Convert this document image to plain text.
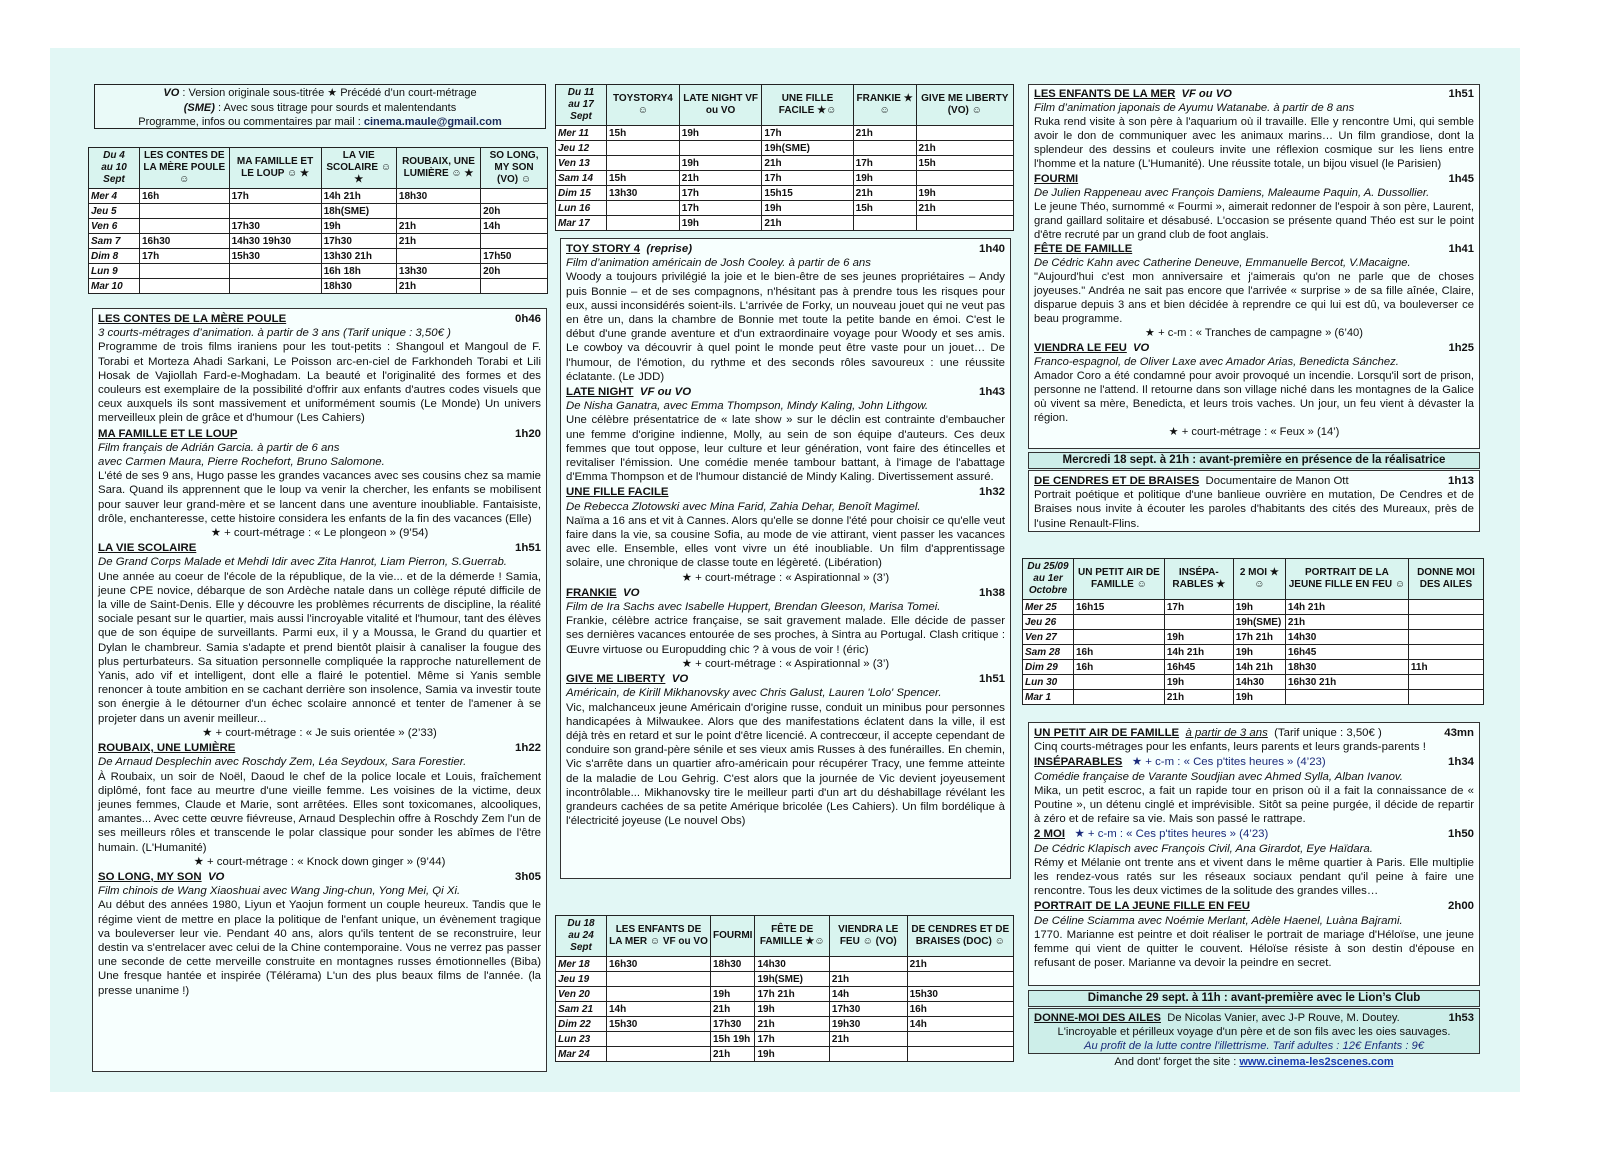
VO : Version originale sous-titrée ★ Précédé d’un court-métrage
(SME) : Avec sous titrage pour sourds et malentendants
Programme, infos ou commentaires par mail : cinema.maule@gmail.com
Du 4
au 10
Sept	LES CONTES DE LA MÈRE POULE ☺	MA FAMILLE ET LE LOUP ☺ ★	LA VIE SCOLAIRE ☺ ★	ROUBAIX, UNE LUMIÈRE ☺ ★	SO LONG, MY SON (VO) ☺
Mer 4	16h	17h	14h 21h	18h30	
Jeu 5			18h(SME)		20h
Ven 6		17h30	19h	21h	14h
Sam 7	16h30	14h30 19h30	17h30	21h	
Dim 8	17h	15h30	13h30 21h		17h50
Lun 9			16h 18h	13h30	20h
Mar 10			18h30	21h	
Du 11
au 17
Sept	TOYSTORY4 ☺	LATE NIGHT VF ou VO	UNE FILLE FACILE ★☺	FRANKIE ★☺	GIVE ME LIBERTY (VO) ☺
Mer 11	15h	19h	17h	21h	
Jeu 12			19h(SME)		21h
Ven 13		19h	21h	17h	15h
Sam 14	15h	21h	17h	19h	
Dim 15	13h30	17h	15h15	21h	19h
Lun 16		17h	19h	15h	21h
Mar 17		19h	21h		
Du 18
au 24
Sept	LES ENFANTS DE LA MER ☺ VF ou VO	FOURMI	FÊTE DE FAMILLE ★☺	VIENDRA LE FEU ☺ (VO)	DE CENDRES ET DE BRAISES (DOC) ☺
Mer 18	16h30	18h30	14h30		21h
Jeu 19			19h(SME)	21h	
Ven 20		19h	17h 21h	14h	15h30
Sam 21	14h	21h	19h	17h30	16h
Dim 22	15h30	17h30	21h	19h30	14h
Lun 23		15h 19h	17h	21h	
Mar 24		21h	19h		
Du 25/09
au 1er
Octobre	UN PETIT AIR DE FAMILLE ☺	INSÉPA-RABLES ★	2 MOI ★☺	PORTRAIT DE LA JEUNE FILLE EN FEU ☺	DONNE MOI DES AILES
Mer 25	16h15	17h	19h	14h 21h	
Jeu 26			19h(SME)	21h	
Ven 27		19h	17h 21h	14h30	
Sam 28	16h	14h 21h	19h	16h45	
Dim 29	16h	16h45	14h 21h	18h30	11h
Lun 30		19h	14h30	16h30 21h	
Mar 1		21h	19h		
LES CONTES DE LA MÈRE POULE	0h46
3 courts-métrages d’animation. à partir de 3 ans (Tarif unique : 3,50€ )
Programme de trois films iraniens pour les tout-petits : Shangoul et Mangoul de F. Torabi et Morteza Ahadi Sarkani, Le Poisson arc-en-ciel de Farkhondeh Torabi et Lili Hosak de Vajiollah Fard-e-Moghadam. La beauté et l'originalité des formes et des couleurs est exemplaire de la possibilité d'offrir aux enfants d'autres codes visuels que ceux auxquels ils sont massivement et uniformément soumis (Le Monde) Un univers merveilleux plein de grâce et d'humour (Les Cahiers)
MA FAMILLE ET LE LOUP	1h20
Film français de Adrián Garcia. à partir de 6 ans
avec Carmen Maura, Pierre Rochefort, Bruno Salomone.
L'été de ses 9 ans, Hugo passe les grandes vacances avec ses cousins chez sa mamie Sara. Quand ils apprennent que le loup va venir la chercher, les enfants se mobilisent pour sauver leur grand-mère et se lancent dans une aventure inoubliable. Fantaisiste, drôle, enchanteresse, cette histoire considera les enfants de la fin des vacances (Elle)
★ + court-métrage : « Le plongeon » (9’54)
LA VIE SCOLAIRE	1h51
De Grand Corps Malade et Mehdi Idir avec Zita Hanrot, Liam Pierron, S.Guerrab.
Une année au coeur de l'école de la république, de la vie... et de la démerde ! Samia, jeune CPE novice, débarque de son Ardèche natale dans un collège réputé difficile de la ville de Saint-Denis. Elle y découvre les problèmes récurrents de discipline, la réalité sociale pesant sur le quartier, mais aussi l'incroyable vitalité et l'humour, tant des élèves que de son équipe de surveillants. Parmi eux, il y a Moussa, le Grand du quartier et Dylan le chambreur. Samia s'adapte et prend bientôt plaisir à canaliser la fougue des plus perturbateurs. Sa situation personnelle compliquée la rapproche naturellement de Yanis, ado vif et intelligent, dont elle a flairé le potentiel. Même si Yanis semble renoncer à toute ambition en se cachant derrière son insolence, Samia va investir toute son énergie à le détourner d'un échec scolaire annoncé et tenter de l'amener à se projeter dans un avenir meilleur...
★ + court-métrage : « Je suis orientée » (2’33)
ROUBAIX, UNE LUMIÈRE	1h22
De Arnaud Desplechin avec Roschdy Zem, Léa Seydoux, Sara Forestier.
À Roubaix, un soir de Noël, Daoud le chef de la police locale et Louis, fraîchement diplômé, font face au meurtre d'une vieille femme. Les voisines de la victime, deux jeunes femmes, Claude et Marie, sont arrêtées. Elles sont toxicomanes, alcooliques, amantes... Avec cette œuvre fiévreuse, Arnaud Desplechin offre à Roschdy Zem l'un de ses meilleurs rôles et transcende le polar classique pour sonder les abîmes de l'être humain. (L'Humanité)
★ + court-métrage : « Knock down ginger » (9’44)
SO LONG, MY SON VO	3h05
Film chinois de Wang Xiaoshuai avec Wang Jing-chun, Yong Mei, Qi Xi.
Au début des années 1980, Liyun et Yaojun forment un couple heureux. Tandis que le régime vient de mettre en place la politique de l'enfant unique, un évènement tragique va bouleverser leur vie. Pendant 40 ans, alors qu'ils tentent de se reconstruire, leur destin va s'entrelacer avec celui de la Chine contemporaine. Vous ne verrez pas passer une seconde de cette merveille construite en montagnes russes émotionnelles (Biba) Une fresque hantée et inspirée (Télérama) L'un des plus beaux films de l'année. (la presse unanime !)
TOY STORY 4 (reprise)	1h40
Film d’animation américain de Josh Cooley. à partir de 6 ans
Woody a toujours privilégié la joie et le bien-être de ses jeunes propriétaires – Andy puis Bonnie – et de ses compagnons, n'hésitant pas à prendre tous les risques pour eux, aussi inconsidérés soient-ils. L'arrivée de Forky, un nouveau jouet qui ne veut pas en être un, dans la chambre de Bonnie met toute la petite bande en émoi. C'est le début d'une grande aventure et d'un extraordinaire voyage pour Woody et ses amis. Le cowboy va découvrir à quel point le monde peut être vaste pour un jouet… De l'humour, de l'émotion, du rythme et des seconds rôles savoureux : une réussite éclatante. (Le JDD)
LATE NIGHT VF ou VO	1h43
De Nisha Ganatra, avec Emma Thompson, Mindy Kaling, John Lithgow.
Une célèbre présentatrice de « late show » sur le déclin est contrainte d'embaucher une femme d'origine indienne, Molly, au sein de son équipe d'auteurs. Ces deux femmes que tout oppose, leur culture et leur génération, vont faire des étincelles et revitaliser l'émission. Une comédie menée tambour battant, à l'image de l'abattage d'Emma Thompson et de l'humour distancié de Mindy Kaling. Divertissement assuré.
UNE FILLE FACILE	1h32
De Rebecca Zlotowski avec Mina Farid, Zahia Dehar, Benoît Magimel.
Naïma a 16 ans et vit à Cannes. Alors qu'elle se donne l'été pour choisir ce qu'elle veut faire dans la vie, sa cousine Sofia, au mode de vie attirant, vient passer les vacances avec elle. Ensemble, elles vont vivre un été inoubliable. Un film d'apprentissage solaire, une chronique de classe toute en légèreté. (Libération)
★ + court-métrage : « Aspirationnal » (3’)
FRANKIE VO	1h38
Film de Ira Sachs avec Isabelle Huppert, Brendan Gleeson, Marisa Tomei.
Frankie, célèbre actrice française, se sait gravement malade. Elle décide de passer ses dernières vacances entourée de ses proches, à Sintra au Portugal. Clash critique : Œuvre virtuose ou Europudding chic ? à vous de voir ! (éric)
★ + court-métrage : « Aspirationnal » (3’)
GIVE ME LIBERTY VO	1h51
Américain, de Kirill Mikhanovsky avec Chris Galust, Lauren 'Lolo' Spencer.
Vic, malchanceux jeune Américain d'origine russe, conduit un minibus pour personnes handicapées à Milwaukee. Alors que des manifestations éclatent dans la ville, il est déjà très en retard et sur le point d'être licencié. A contrecœur, il accepte cependant de conduire son grand-père sénile et ses vieux amis Russes à des funérailles. En chemin, Vic s'arrête dans un quartier afro-américain pour récupérer Tracy, une femme atteinte de la maladie de Lou Gehrig. C'est alors que la journée de Vic devient joyeusement incontrôlable... Mikhanovsky tire le meilleur parti d'un art du déshabillage révélant les grandeurs cachées de sa petite Amérique bricolée (Les Cahiers). Un film bordélique à l'électricité joyeuse (Le nouvel Obs)
LES ENFANTS DE LA MER VF ou VO	1h51
Film d’animation japonais de Ayumu Watanabe. à partir de 8 ans
Ruka rend visite à son père à l'aquarium où il travaille. Elle y rencontre Umi, qui semble avoir le don de communiquer avec les animaux marins… Un film grandiose, dont la splendeur des dessins et couleurs invite une réflexion cosmique sur les liens entre l'homme et la nature (L'Humanité). Une réussite totale, un bijou visuel (le Parisien)
FOURMI	1h45
De Julien Rappeneau avec François Damiens, Maleaume Paquin, A. Dussollier.
Le jeune Théo, surnommé « Fourmi », aimerait redonner de l'espoir à son père, Laurent, grand gaillard solitaire et désabusé. L'occasion se présente quand Théo est sur le point d'être recruté par un grand club de foot anglais.
FÊTE DE FAMILLE	1h41
De Cédric Kahn avec Catherine Deneuve, Emmanuelle Bercot, V.Macaigne.
"Aujourd'hui c'est mon anniversaire et j'aimerais qu'on ne parle que de choses joyeuses." Andréa ne sait pas encore que l'arrivée « surprise » de sa fille aînée, Claire, disparue depuis 3 ans et bien décidée à reprendre ce qui lui est dû, va bouleverser ce beau programme.
★ + c-m : « Tranches de campagne » (6’40)
VIENDRA LE FEU VO	1h25
Franco-espagnol, de Oliver Laxe avec Amador Arias, Benedicta Sánchez.
Amador Coro a été condamné pour avoir provoqué un incendie. Lorsqu'il sort de prison, personne ne l'attend. Il retourne dans son village niché dans les montagnes de la Galice où vivent sa mère, Benedicta, et leurs trois vaches. Un jour, un feu vient à dévaster la région.
★ + court-métrage : « Feux » (14’)
Mercredi 18 sept. à 21h : avant-première en présence de la réalisatrice
DE CENDRES ET DE BRAISES Documentaire de Manon Ott	1h13
Portrait poétique et politique d'une banlieue ouvrière en mutation, De Cendres et de Braises nous invite à écouter les paroles d'habitants des cités des Mureaux, près de l'usine Renault-Flins.
UN PETIT AIR DE FAMILLE à partir de 3 ans (Tarif unique : 3,50€ )	43mn
Cinq courts-métrages pour les enfants, leurs parents et leurs grands-parents !
INSÉPARABLES ★ + c-m : « Ces p'tites heures » (4’23)	1h34
Comédie française de Varante Soudjian avec Ahmed Sylla, Alban Ivanov.
Mika, un petit escroc, a fait un rapide tour en prison où il a fait la connaissance de « Poutine », un détenu cinglé et imprévisible. Sitôt sa peine purgée, il décide de repartir à zéro et de refaire sa vie. Mais son passé le rattrape.
2 MOI ★ + c-m : « Ces p'tites heures » (4’23)	1h50
De Cédric Klapisch avec François Civil, Ana Girardot, Eye Haïdara.
Rémy et Mélanie ont trente ans et vivent dans le même quartier à Paris. Elle multiplie les rendez-vous ratés sur les réseaux sociaux pendant qu'il peine à faire une rencontre. Tous les deux victimes de la solitude des grandes villes…
PORTRAIT DE LA JEUNE FILLE EN FEU	2h00
De Céline Sciamma avec Noémie Merlant, Adèle Haenel, Luàna Bajrami.
1770. Marianne est peintre et doit réaliser le portrait de mariage d'Héloïse, une jeune femme qui vient de quitter le couvent. Héloïse résiste à son destin d'épouse en refusant de poser. Marianne va devoir la peindre en secret.
Dimanche 29 sept. à 11h : avant-première avec le Lion’s Club
DONNE-MOI DES AILES De Nicolas Vanier, avec J-P Rouve, M. Doutey.	1h53
L'incroyable et périlleux voyage d'un père et de son fils avec les oies sauvages.
Au profit de la lutte contre l'illettrisme. Tarif adultes : 12€ Enfants : 9€
And dont’ forget the site : www.cinema-les2scenes.com
